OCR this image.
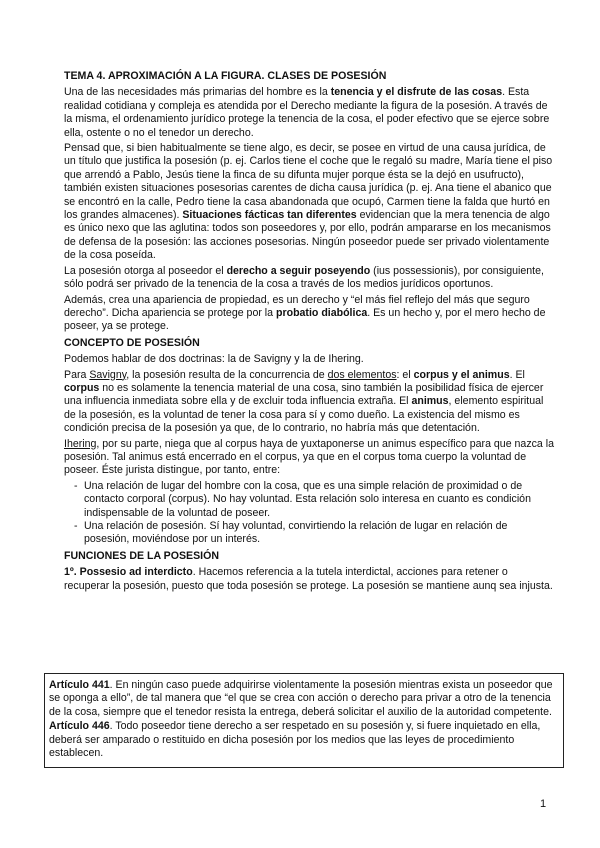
TEMA 4. APROXIMACIÓN A LA FIGURA. CLASES DE POSESIÓN

Una de las necesidades más primarias del hombre es la tenencia y el disfrute de las cosas. Esta realidad cotidiana y compleja es atendida por el Derecho mediante la figura de la posesión. A través de la misma, el ordenamiento jurídico protege la tenencia de la cosa, el poder efectivo que se ejerce sobre ella, ostente o no el tenedor un derecho.

Pensad que, si bien habitualmente se tiene algo, es decir, se posee en virtud de una causa jurídica, de un título que justifica la posesión (p. ej. Carlos tiene el coche que le regaló su madre, María tiene el piso que arrendó a Pablo, Jesús tiene la finca de su difunta mujer porque ésta se la dejó en usufructo), también existen situaciones posesorias carentes de dicha causa jurídica (p. ej. Ana tiene el abanico que se encontró en la calle, Pedro tiene la casa abandonada que ocupó, Carmen tiene la falda que hurtó en los grandes almacenes). Situaciones fácticas tan diferentes evidencian que la mera tenencia de algo es único nexo que las aglutina: todos son poseedores y, por ello, podrán ampararse en los mecanismos de defensa de la posesión: las acciones posesorias. Ningún poseedor puede ser privado violentamente de la cosa poseída.

La posesión otorga al poseedor el derecho a seguir poseyendo (ius possessionis), por consiguiente, sólo podrá ser privado de la tenencia de la cosa a través de los medios jurídicos oportunos.

Además, crea una apariencia de propiedad, es un derecho y “el más fiel reflejo del más que seguro derecho”. Dicha apariencia se protege por la probatio diabólica. Es un hecho y, por el mero hecho de poseer, ya se protege.

CONCEPTO DE POSESIÓN

Podemos hablar de dos doctrinas: la de Savigny y la de Ihering.

Para Savigny, la posesión resulta de la concurrencia de dos elementos: el corpus y el animus. El corpus no es solamente la tenencia material de una cosa, sino también la posibilidad física de ejercer una influencia inmediata sobre ella y de excluir toda influencia extraña. El animus, elemento espiritual de la posesión, es la voluntad de tener la cosa para sí y como dueño. La existencia del mismo es condición precisa de la posesión ya que, de lo contrario, no habría más que detentación.

Ihering, por su parte, niega que al corpus haya de yuxtaponerse un animus específico para que nazca la posesión. Tal animus está encerrado en el corpus, ya que en el corpus toma cuerpo la voluntad de poseer. Éste jurista distingue, por tanto, entre:

- Una relación de lugar del hombre con la cosa, que es una simple relación de proximidad o de contacto corporal (corpus). No hay voluntad. Esta relación solo interesa en cuanto es condición indispensable de la voluntad de poseer.
- Una relación de posesión. Sí hay voluntad, convirtiendo la relación de lugar en relación de posesión, moviéndose por un interés.
FUNCIONES DE LA POSESIÓN

1º. Possesio ad interdicto. Hacemos referencia a la tutela interdictal, acciones para retener o recuperar la posesión, puesto que toda posesión se protege. La posesión se mantiene aunq sea injusta.

Artículo 441. En ningún caso puede adquirirse violentamente la posesión mientras exista un poseedor que se oponga a ello”, de tal manera que “el que se crea con acción o derecho para privar a otro de la tenencia de la cosa, siempre que el tenedor resista la entrega, deberá solicitar el auxilio de la autoridad competente.

Artículo 446. Todo poseedor tiene derecho a ser respetado en su posesión y, si fuere inquietado en ella, deberá ser amparado o restituido en dicha posesión por los medios que las leyes de procedimiento establecen.

1
